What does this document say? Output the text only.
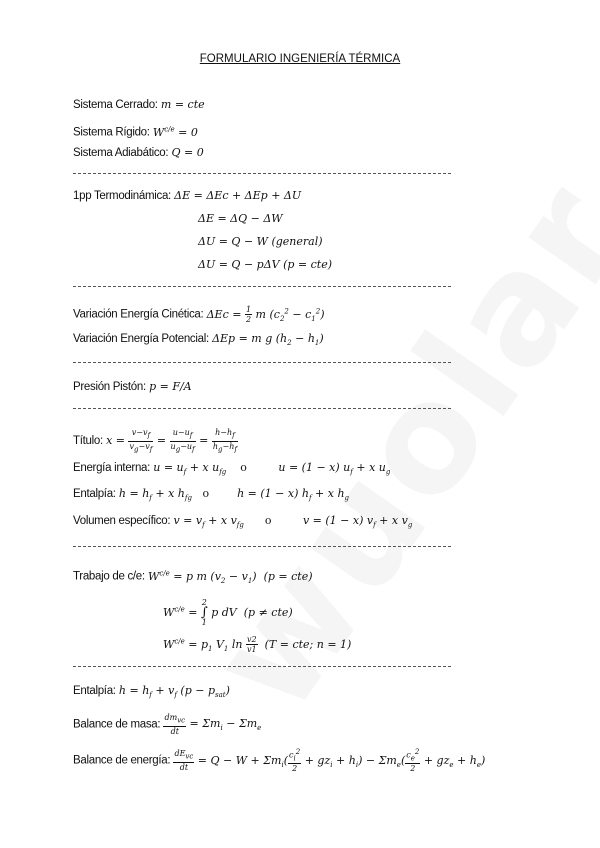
FORMULARIO INGENIERÍA TÉRMICA
Sistema Cerrado: m = cte
Sistema Rígido: $W^{c/e} = 0$
Sistema Adiabático: Q = 0
1pp Termodinámica: ΔE = ΔEc + ΔEp + ΔU
ΔE = ΔQ − ΔW
ΔU = Q − W (general)
ΔU = Q − pΔV (p = cte)
Variación Energía Cinética: $\Delta Ec = \frac{1}{2}$ m $(c_2^2 - c_1^2)$
Variación Energía Potencial: ΔEp = m g $(h_2 - h_1)$
Presión Pistón: p = F/A
Título: $x = \frac{v-v_f}{v_g-v_f} = \frac{u-u_f}{u_g-u_f} = \frac{h-h_f}{h_g-h_f}$
Energía interna: $u = u_f + x$ $u_{fg}$ o         u = (1 − x) $u_f + x$ $u_g$
Entalpía: $h = h_f + x$ $h_{fg}$ o        h = (1 − x) $h_f + x$ $h_g$
Volumen específico: $v = v_f + x$ $v_{fg}$ o         v = (1 − x) $v_f + x$ $v_g$
Trabajo de c/e: $W^{c/e} = p$ m $(v_2 - v_1) (p = cte)$
$W^{c/e}$ =
2
∫
1
p dV  (p ≠ cte)
$W^{c/e} = p_1$ $V_1$ $\ln \frac{v2}{v1} (T$ = cte; n = 1)
Entalpía: $h = h_f + v_f$ $(p - p_{sat})$
Balance de masa: $\frac{dm_{vc}}{dt} = \Sigma m_i - \Sigma m_e$
Balance de energía: $\frac{dE_{vc}}{dt} = Q - W + \Sigma m_i( \frac{c_i^2}{2} + gz_i + h_i) - \Sigma m_e( \frac{c_e^2}{2} + gz_e + h_e)$
